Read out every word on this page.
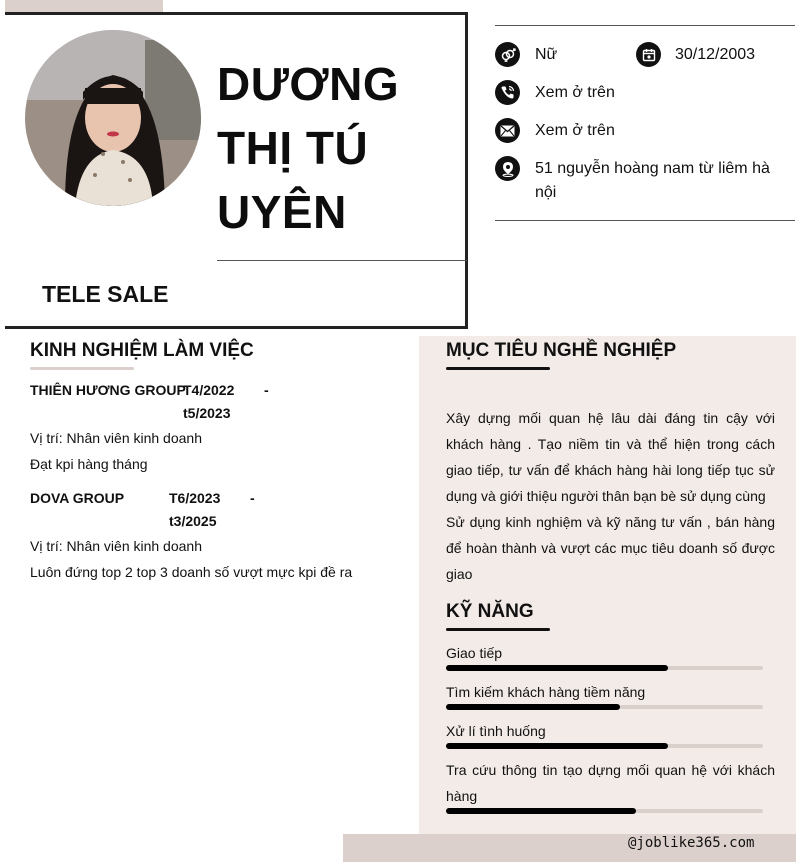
DƯƠNG
THỊ TÚ
UYÊN
TELE SALE
Nữ	30/12/2003
Xem ở trên
Xem ở trên
51 nguyễn hoàng nam từ liêm hà nội
KINH NGHIỆM LÀM VIỆC
THIÊN HƯƠNG GROUP
T4/2022 -
t5/2023
Vị trí: Nhân viên kinh doanh
Đạt kpi hàng tháng
DOVA GROUP	T6/2023 -
t3/2025
Vị trí: Nhân viên kinh doanh
Luôn đứng top 2 top 3 doanh số vượt mực kpi đề ra
MỤC TIÊU NGHỀ NGHIỆP
Xây dựng mối quan hệ lâu dài đáng tin cậy với khách hàng . Tạo niềm tin và thể hiện trong cách giao tiếp, tư vấn để khách hàng hài long tiếp tục sử dụng và giới thiệu người thân bạn bè sử dụng cùng
Sử dụng kinh nghiệm và kỹ năng tư vấn , bán hàng để hoàn thành và vượt các mục tiêu doanh số được giao
KỸ NĂNG
Giao tiếp
Tìm kiếm khách hàng tiềm năng
Xử lí tình huống
Tra cứu thông tin tạo dựng mối quan hệ với khách hàng
@joblike365.com
